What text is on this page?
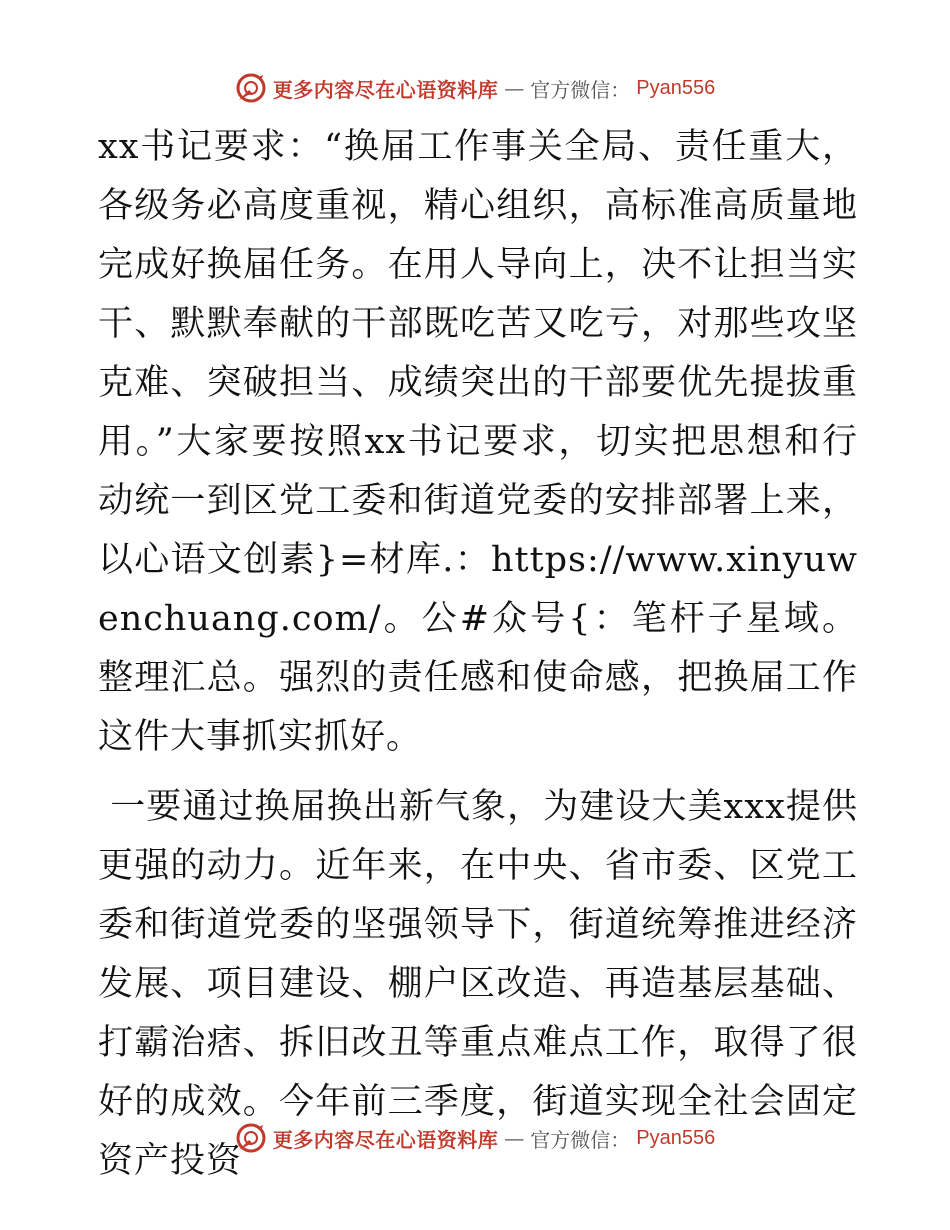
更多内容尽在心语资料库 — 官方微信： Pyan556

xx书记要求：“换届工作事关全局、责任重大，各级务必高度重视，精心组织，高标准高质量地完成好换届任务。在用人导向上，决不让担当实干、默默奉献的干部既吃苦又吃亏，对那些攻坚克难、突破担当、成绩突出的干部要优先提拔重用。”大家要按照xx书记要求，切实把思想和行动统一到区党工委和街道党委的安排部署上来，以心语文创素}=材库.：https://www.xinyuwenchuang.com/。公#众号{：笔杆子星域。整理汇总。强烈的责任感和使命感，把换届工作这件大事抓实抓好。

一要通过换届换出新气象，为建设大美xxx提供更强的动力。近年来，在中央、省市委、区党工委和街道党委的坚强领导下，街道统筹推进经济发展、项目建设、棚户区改造、再造基层基础、打霸治痞、拆旧改丑等重点难点工作，取得了很好的成效。今年前三季度，街道实现全社会固定资产投资

更多内容尽在心语资料库 — 官方微信： Pyan556
